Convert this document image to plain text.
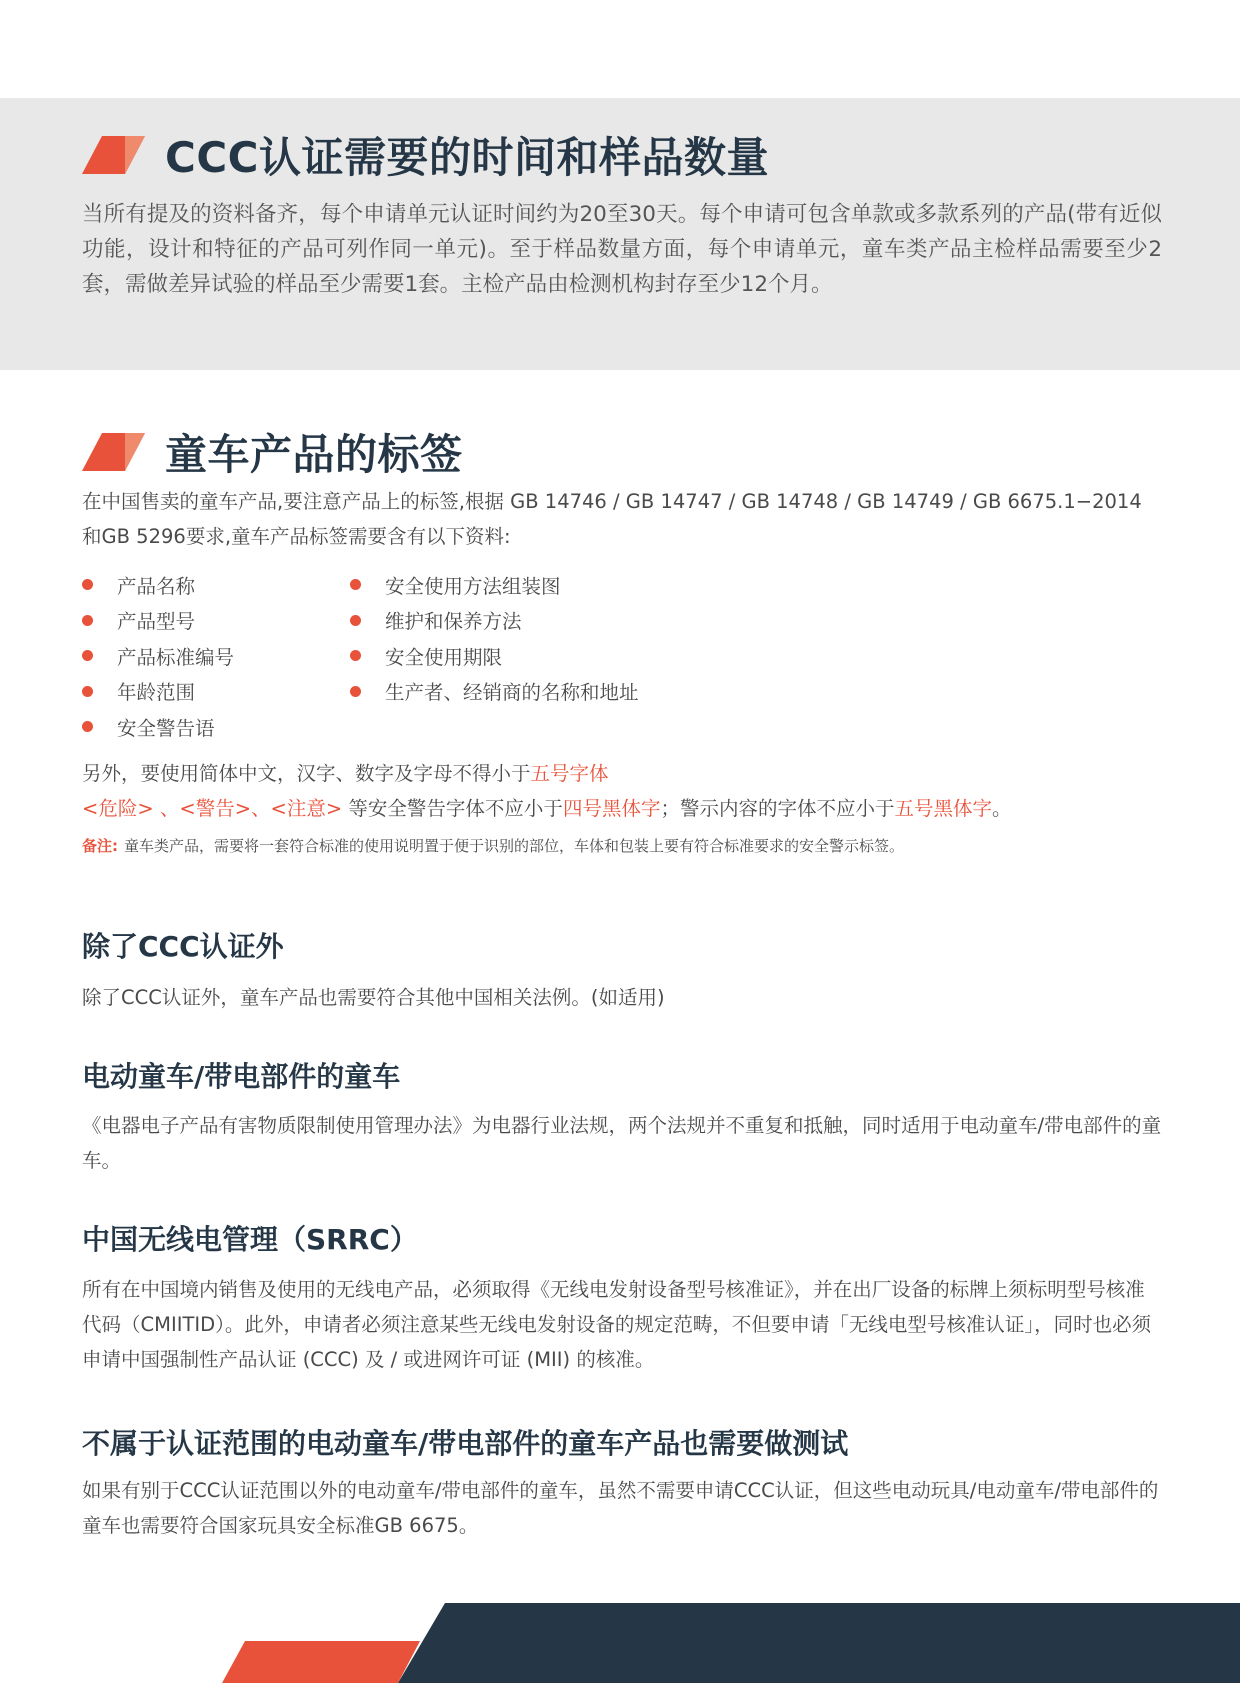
CCC认证需要的时间和样品数量

当所有提及的资料备齐，每个申请单元认证时间约为20至30天。每个申请可包含单款或多款系列的产品(带有近似功能，设计和特征的产品可列作同一单元)。至于样品数量方面，每个申请单元，童车类产品主检样品需要至少2套，需做差异试验的样品至少需要1套。主检产品由检测机构封存至少12个月。

童车产品的标签

在中国售卖的童车产品,要注意产品上的标签,根据 GB 14746 / GB 14747 / GB 14748 / GB 14749 / GB 6675.1−2014 和GB 5296要求,童车产品标签需要含有以下资料:

产品名称
产品型号
产品标准编号
年龄范围
安全警告语
安全使用方法组装图
维护和保养方法
安全使用期限
生产者、经销商的名称和地址

另外，要使用简体中文，汉字、数字及字母不得小于五号字体

<危险> 、<警告>、<注意> 等安全警告字体不应小于四号黑体字；警示内容的字体不应小于五号黑体字。

备注: 童车类产品，需要将一套符合标准的使用说明置于便于识别的部位，车体和包装上要有符合标准要求的安全警示标签。
除了CCC认证外

除了CCC认证外，童车产品也需要符合其他中国相关法例。(如适用)

电动童车/带电部件的童车

《电器电子产品有害物质限制使用管理办法》为电器行业法规，两个法规并不重复和抵触，同时适用于电动童车/带电部件的童车。

中国无线电管理（SRRC）

所有在中国境内销售及使用的无线电产品，必须取得《无线电发射设备型号核准证》，并在出厂设备的标牌上须标明型号核准代码（CMIITID）。此外，申请者必须注意某些无线电发射设备的规定范畴，不但要申请「无线电型号核准认证」，同时也必须申请中国强制性产品认证 (CCC) 及 / 或进网许可证 (MII) 的核准。

不属于认证范围的电动童车/带电部件的童车产品也需要做测试

如果有别于CCC认证范围以外的电动童车/带电部件的童车，虽然不需要申请CCC认证，但这些电动玩具/电动童车/带电部件的童车也需要符合国家玩具安全标准GB 6675。
